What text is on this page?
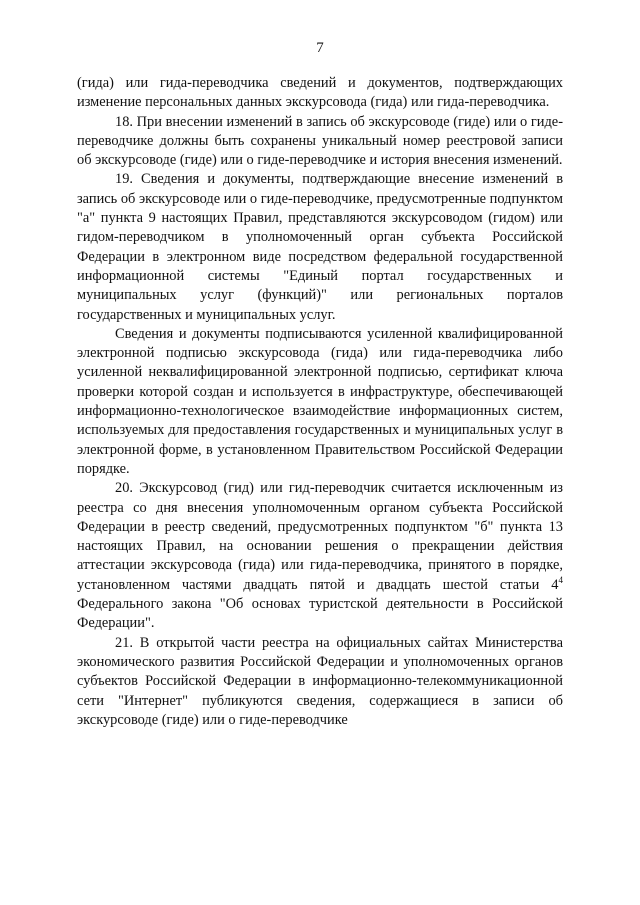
7

(гида) или гида-переводчика сведений и документов, подтверждающих изменение персональных данных экскурсовода (гида) или гида-переводчика.

18. При внесении изменений в запись об экскурсоводе (гиде) или о гиде-переводчике должны быть сохранены уникальный номер реестровой записи об экскурсоводе (гиде) или о гиде-переводчике и история внесения изменений.

19. Сведения и документы, подтверждающие внесение изменений в запись об экскурсоводе или о гиде-переводчике, предусмотренные подпунктом "а" пункта 9 настоящих Правил, представляются экскурсоводом (гидом) или гидом-переводчиком в уполномоченный орган субъекта Российской Федерации в электронном виде посредством федеральной государственной информационной системы "Единый портал государственных и муниципальных услуг (функций)" или региональных порталов государственных и муниципальных услуг.

Сведения и документы подписываются усиленной квалифицированной электронной подписью экскурсовода (гида) или гида-переводчика либо усиленной неквалифицированной электронной подписью, сертификат ключа проверки которой создан и используется в инфраструктуре, обеспечивающей информационно-технологическое взаимодействие информационных систем, используемых для предоставления государственных и муниципальных услуг в электронной форме, в установленном Правительством Российской Федерации порядке.

20. Экскурсовод (гид) или гид-переводчик считается исключенным из реестра со дня внесения уполномоченным органом субъекта Российской Федерации в реестр сведений, предусмотренных подпунктом "б" пункта 13 настоящих Правил, на основании решения о прекращении действия аттестации экскурсовода (гида) или гида-переводчика, принятого в порядке, установленном частями двадцать пятой и двадцать шестой статьи $4^4$ Федерального закона "Об основах туристской деятельности в Российской Федерации".

21. В открытой части реестра на официальных сайтах Министерства экономического развития Российской Федерации и уполномоченных органов субъектов Российской Федерации в информационно-телекоммуникационной сети "Интернет" публикуются сведения, содержащиеся в записи об экскурсоводе (гиде) или о гиде-переводчике
